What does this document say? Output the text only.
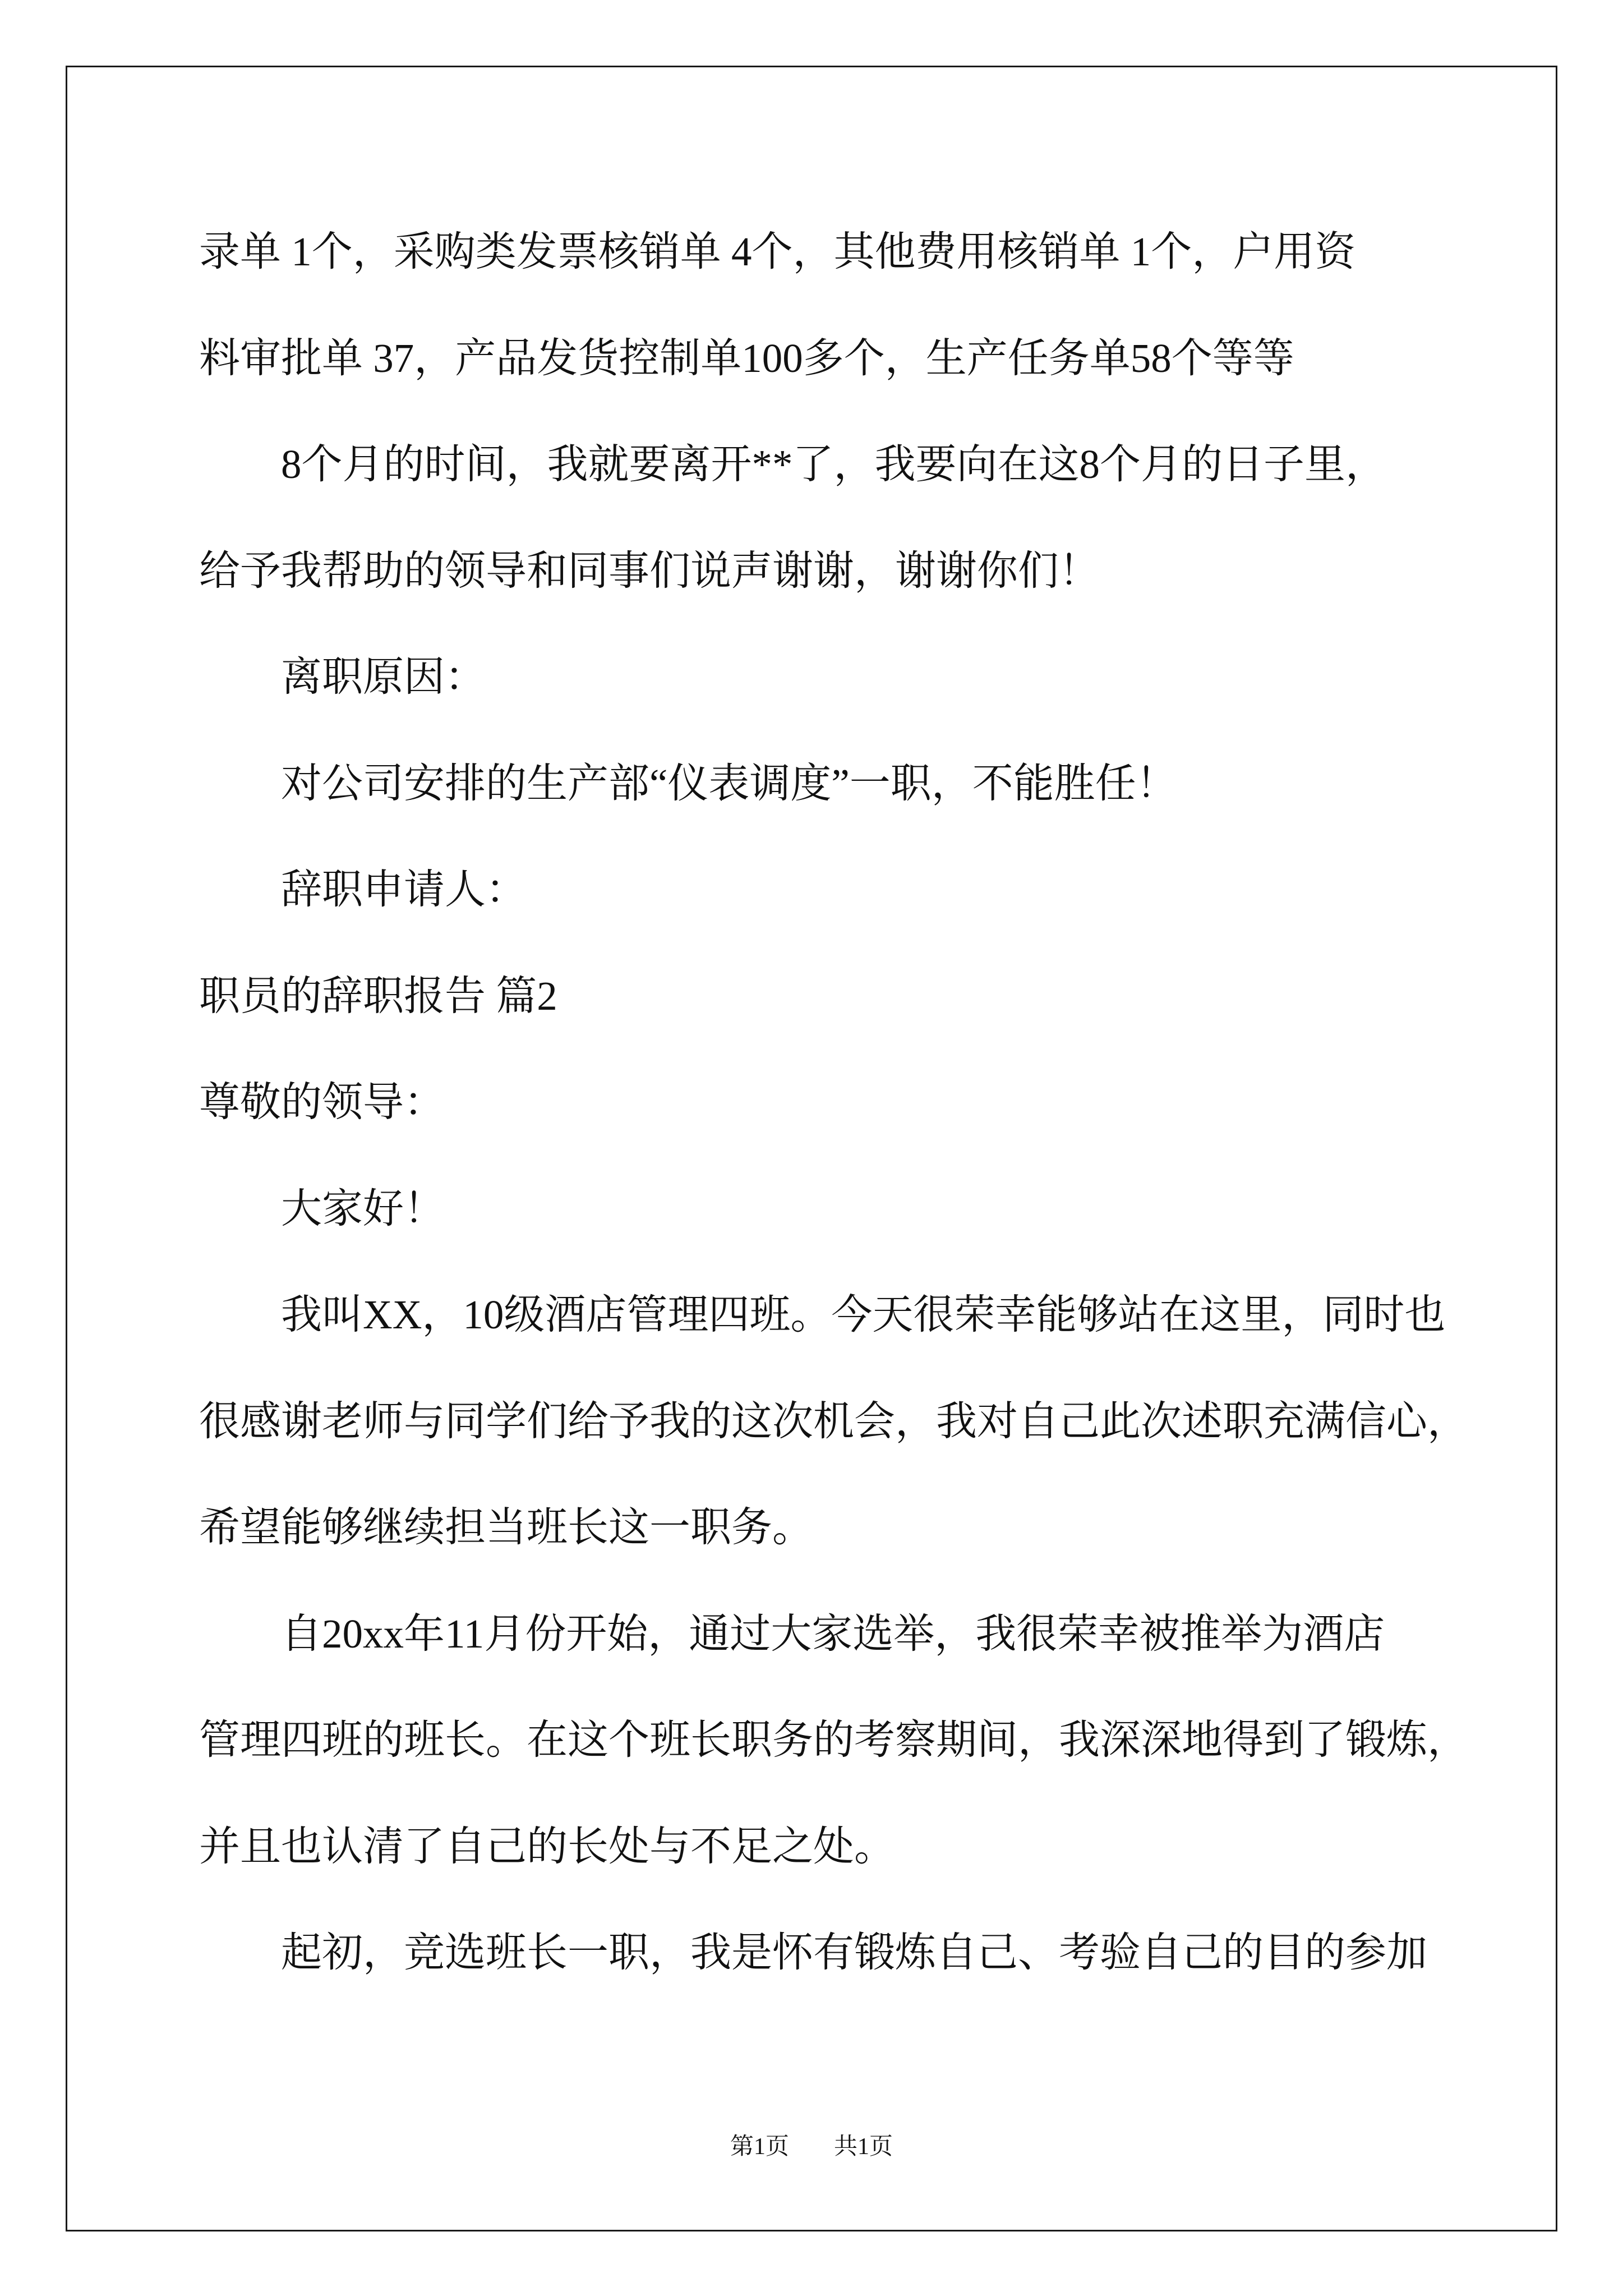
录单 1个，采购类发票核销单 4个，其他费用核销单 1个，户用资
料审批单 37，产品发货控制单100多个，生产任务单58个等等
8个月的时间，我就要离开**了，我要向在这8个月的日子里，
给予我帮助的领导和同事们说声谢谢，谢谢你们！
离职原因：
对公司安排的生产部“仪表调度”一职，不能胜任！
辞职申请人：
职员的辞职报告 篇2
尊敬的领导：
大家好！
我叫XX，10级酒店管理四班。今天很荣幸能够站在这里，同时也
很感谢老师与同学们给予我的这次机会，我对自己此次述职充满信心，
希望能够继续担当班长这一职务。
自20xx年11月份开始，通过大家选举，我很荣幸被推举为酒店
管理四班的班长。在这个班长职务的考察期间，我深深地得到了锻炼，
并且也认清了自己的长处与不足之处。
起初，竞选班长一职，我是怀有锻炼自己、考验自己的目的参加
第1页 共1页
